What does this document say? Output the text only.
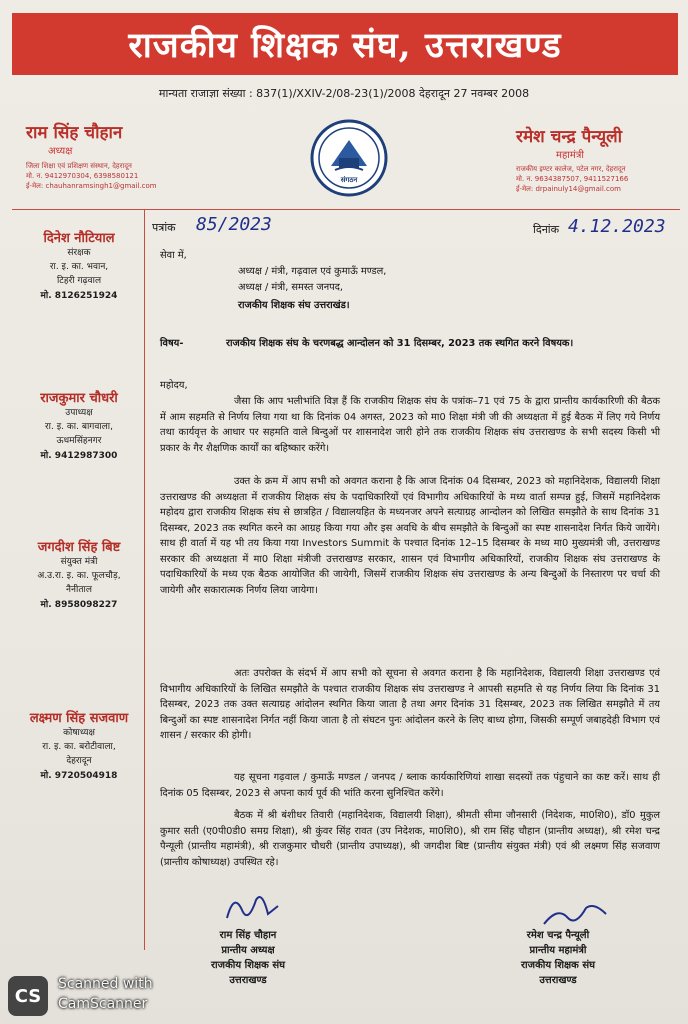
राजकीय शिक्षक संघ, उत्तराखण्ड
मान्यता राजाज्ञा संख्या : 837(1)/XXIV-2/08-23(1)/2008 देहरादून 27 नवम्बर 2008
राम सिंह चौहान
अध्यक्ष
जिला शिक्षा एवं प्रशिक्षण संस्थान, देहरादून
मो. न. 9412970304, 6398580121
ई-मेल: chauhanramsingh1@gmail.com
संगठन
रमेश चन्द्र पैन्यूली
महामंत्री
राजकीय इण्टर कालेज, पटेल नगर, देहरादून
मो. न. 9634387507, 9411527166
ई-मेल: drpainuly14@gmail.com
दिनेश नौटियाल
संरक्षक
रा. इ. का. भवान,
टिहरी गढ़वाल
मो. 8126251924
राजकुमार चौधरी
उपाध्यक्ष
रा. इ. का. बागवाला,
ऊधमसिंहनगर
मो. 9412987300
जगदीश सिंह बिष्ट
संयुक्त मंत्री
अ.उ.रा. इ. का. फूलचौड़,
नैनीताल
मो. 8958098227
लक्ष्मण सिंह सजवाण
कोषाध्यक्ष
रा. इ. का. बरोटीवाला,
देहरादून
मो. 9720504918
पत्रांक 85/2023	दिनांक 4.12.2023
सेवा में,
अध्यक्ष / मंत्री, गढ़वाल एवं कुमाऊँ मण्डल,
अध्यक्ष / मंत्री, समस्त जनपद,
राजकीय शिक्षक संघ उत्तराखंड।
विषय-	राजकीय शिक्षक संघ के चरणबद्ध आन्दोलन को 31 दिसम्बर, 2023 तक स्थगित करने विषयक।
महोदय,
जैसा कि आप भलीभांति विज्ञ हैं कि राजकीय शिक्षक संघ के पत्रांक–71 एवं 75 के द्वारा प्रान्तीय कार्यकारिणी की बैठक में आम सहमति से निर्णय लिया गया था कि दिनांक 04 अगस्त, 2023 को मा0 शिक्षा मंत्री जी की अध्यक्षता में हुई बैठक में लिए गये निर्णय तथा कार्यवृत्त के आधार पर सहमति वाले बिन्दुओं पर शासनादेश जारी होने तक राजकीय शिक्षक संघ उत्तराखण्ड के सभी सदस्य किसी भी प्रकार के गैर शैक्षणिक कार्यों का बहिष्कार करेंगे।
उक्त के क्रम में आप सभी को अवगत कराना है कि आज दिनांक 04 दिसम्बर, 2023 को महानिदेशक, विद्यालयी शिक्षा उत्तराखण्ड की अध्यक्षता में राजकीय शिक्षक संघ के पदाधिकारियों एवं विभागीय अधिकारियों के मध्य वार्ता सम्पन्न हुई, जिसमें महानिदेशक महोदय द्वारा राजकीय शिक्षक संघ से छात्रहित / विद्यालयहित के मध्यनजर अपने सत्याग्रह आन्दोलन को लिखित समझौते के साथ दिनांक 31 दिसम्बर, 2023 तक स्थगित करने का आग्रह किया गया और इस अवधि के बीच समझौते के बिन्दुओं का स्पष्ट शासनादेश निर्गत किये जायेंगे। साथ ही वार्ता में यह भी तय किया गया Investors Summit के पश्चात दिनांक 12–15 दिसम्बर के मध्य मा0 मुख्यमंत्री जी, उत्तराखण्ड सरकार की अध्यक्षता में मा0 शिक्षा मंत्रीजी उत्तराखण्ड सरकार, शासन एवं विभागीय अधिकारियों, राजकीय शिक्षक संघ उत्तराखण्ड के पदाधिकारियों के मध्य एक बैठक आयोजित की जायेगी, जिसमें राजकीय शिक्षक संघ उत्तराखण्ड के अन्य बिन्दुओं के निस्तारण पर चर्चा की जायेगी और सकारात्मक निर्णय लिया जायेगा।
अतः उपरोक्त के संदर्भ में आप सभी को सूचना से अवगत कराना है कि महानिदेशक, विद्यालयी शिक्षा उत्तराखण्ड एवं विभागीय अधिकारियों के लिखित समझौते के पश्चात राजकीय शिक्षक संघ उत्तराखण्ड ने आपसी सहमति से यह निर्णय लिया कि दिनांक 31 दिसम्बर, 2023 तक उक्त सत्याग्रह आंदोलन स्थगित किया जाता है तथा अगर दिनांक 31 दिसम्बर, 2023 तक लिखित समझौते में तय बिन्दुओं का स्पष्ट शासनादेश निर्गत नहीं किया जाता है तो संघटन पुनः आंदोलन करने के लिए बाध्य होगा, जिसकी सम्पूर्ण जबाहदेही विभाग एवं शासन / सरकार की होगी।
यह सूचना गढ़वाल / कुमाऊँ मण्डल / जनपद / ब्लाक कार्यकारिणियां शाखा सदस्यों तक पंहुचाने का कष्ट करें। साथ ही दिनांक 05 दिसम्बर, 2023 से अपना कार्य पूर्व की भांति करना सुनिश्चित करेंगे।
बैठक में श्री बंशीधर तिवारी (महानिदेशक, विद्यालयी शिक्षा), श्रीमती सीमा जौनसारी (निदेशक, मा0शि0), डॉ0 मुकुल कुमार सती (ए0पी0डी0 समग्र शिक्षा), श्री कुंवर सिंह रावत (उप निदेशक, मा0शि0), श्री राम सिंह चौहान (प्रान्तीय अध्यक्ष), श्री रमेश चन्द्र पैन्यूली (प्रान्तीय महामंत्री), श्री राजकुमार चौधरी (प्रान्तीय उपाध्यक्ष), श्री जगदीश बिष्ट (प्रान्तीय संयुक्त मंत्री) एवं श्री लक्ष्मण सिंह सजवाण (प्रान्तीय कोषाध्यक्ष) उपस्थित रहे।
राम सिंह चौहान
प्रान्तीय अध्यक्ष
राजकीय शिक्षक संघ
उत्तराखण्ड
रमेश चन्द्र पैन्यूली
प्रान्तीय महामंत्री
राजकीय शिक्षक संघ
उत्तराखण्ड
CS
Scanned with
CamScanner
